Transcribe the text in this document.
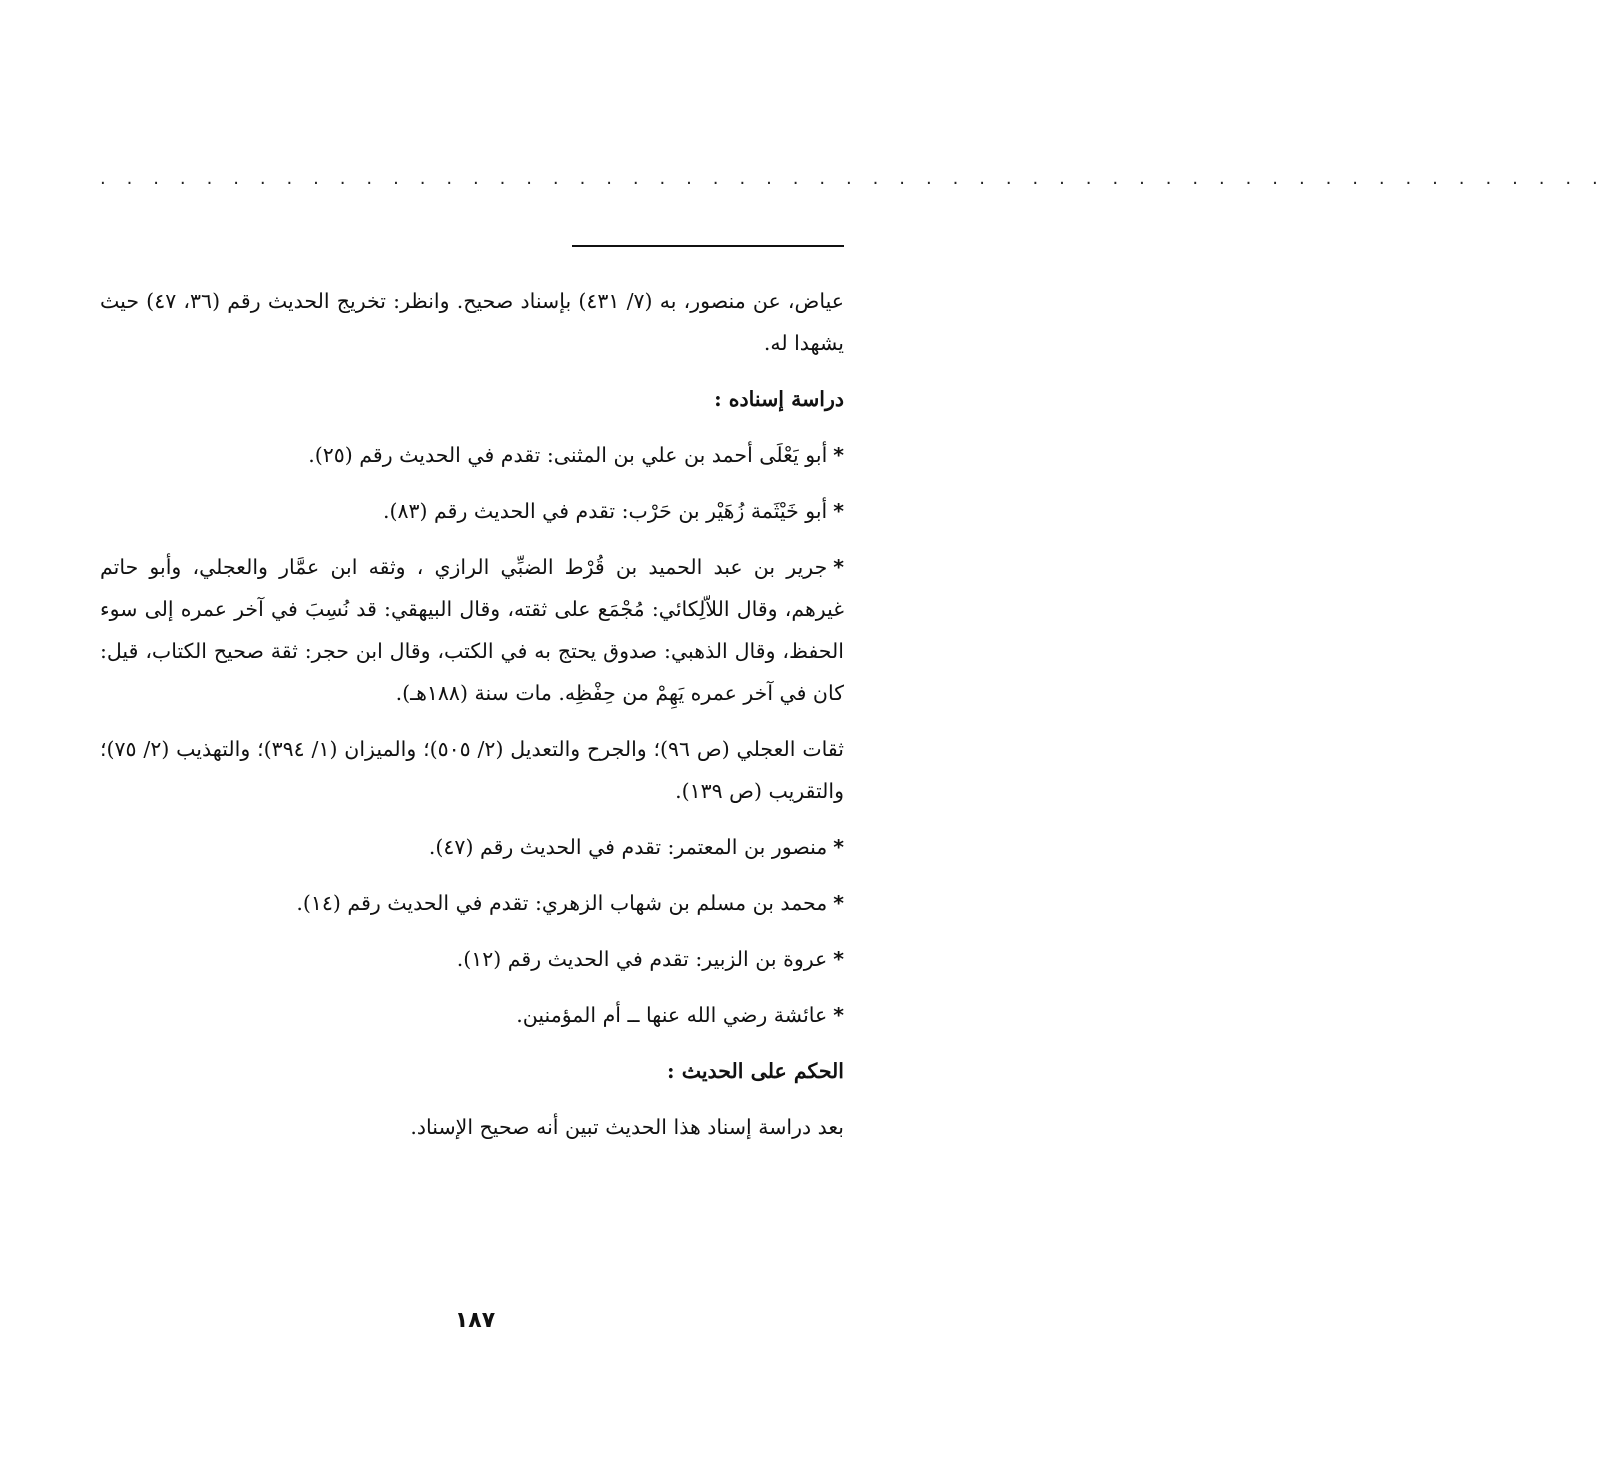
· · · · · · · · · · · · · · · · · · · · · · · · · · · · · · · · · · · · · · · · · · · · · · · · · · · · · · · · ·

عياض، عن منصور، به (٧/ ٤٣١) بإسناد صحيح. وانظر: تخريج الحديث رقم (٣٦، ٤٧) حيث يشهدا له.

دراسة إسناده :

*أبو يَعْلَى أحمد بن علي بن المثنى: تقدم في الحديث رقم (٢٥).

*أبو خَيْثَمة زُهَيْر بن حَرْب: تقدم في الحديث رقم (٨٣).

*جرير بن عبد الحميد بن قُرْط الضبِّي الرازي ، وثقه ابن عمَّار والعجلي، وأبو حاتم غيرهم، وقال اللاّلِكائي: مُجْمَع على ثقته، وقال البيهقي: قد نُسِبَ في آخر عمره إلى سوء الحفظ، وقال الذهبي: صدوق يحتج به في الكتب، وقال ابن حجر: ثقة صحيح الكتاب، قيل: كان في آخر عمره يَهِمْ من حِفْظِه. مات سنة (١٨٨هـ).

ثقات العجلي (ص ٩٦)؛ والجرح والتعديل (٢/ ٥٠٥)؛ والميزان (١/ ٣٩٤)؛ والتهذيب (٢/ ٧٥)؛ والتقريب (ص ١٣٩).

*منصور بن المعتمر: تقدم في الحديث رقم (٤٧).

*محمد بن مسلم بن شهاب الزهري: تقدم في الحديث رقم (١٤).

*عروة بن الزبير: تقدم في الحديث رقم (١٢).

*عائشة رضي الله عنها ــ أم المؤمنين.

الحكم على الحديث :

بعد دراسة إسناد هذا الحديث تبين أنه صحيح الإسناد.

١٨٧
